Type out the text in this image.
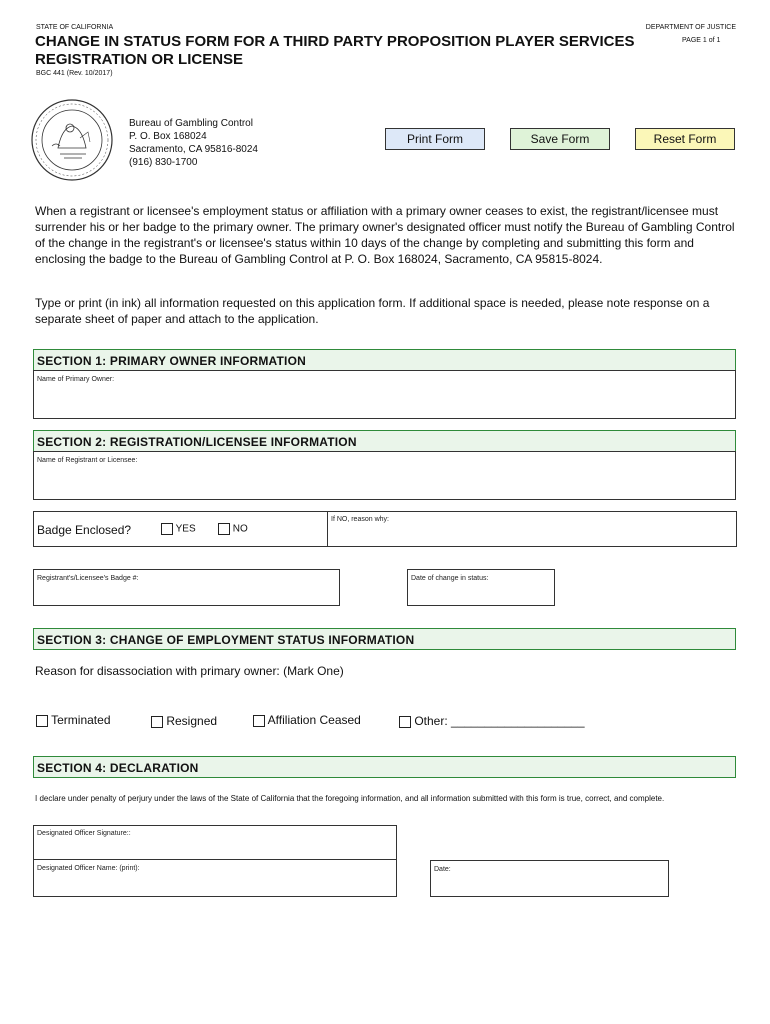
STATE OF CALIFORNIA	DEPARTMENT OF JUSTICE
PAGE 1 of 1
CHANGE IN STATUS FORM FOR A THIRD PARTY PROPOSITION PLAYER SERVICES
REGISTRATION OR LICENSE
BGC 441 (Rev. 10/2017)
Bureau of Gambling Control
P. O. Box 168024
Sacramento, CA 95816-8024
(916) 830-1700
Print Form	Save Form	Reset Form
When a registrant or licensee's employment status or affiliation with a primary owner ceases to exist, the registrant/licensee must surrender his or her badge to the primary owner. The primary owner's designated officer must notify the Bureau of Gambling Control of the change in the registrant's or licensee's status within 10 days of the change by completing and submitting this form and enclosing the badge to the Bureau of Gambling Control at P. O. Box 168024, Sacramento, CA 95815-8024.
Type or print (in ink) all information requested on this application form. If additional space is needed, please note response on a separate sheet of paper and attach to the application.
SECTION 1: PRIMARY OWNER INFORMATION
Name of Primary Owner:
SECTION 2: REGISTRATION/LICENSEE INFORMATION
Name of Registrant or Licensee:
Badge Enclosed?	YES	NO
If NO, reason why:
Registrant's/Licensee's Badge #:	Date of change in status:
SECTION 3: CHANGE OF EMPLOYMENT STATUS INFORMATION
Reason for disassociation with primary owner: (Mark One)
Terminated	Resigned	Affiliation Ceased	Other: ____________________
SECTION 4: DECLARATION
I declare under penalty of perjury under the laws of the State of California that the foregoing information, and all information submitted with this form is true, correct, and complete.
Designated Officer Signature::
Designated Officer Name: (print):	Date:
